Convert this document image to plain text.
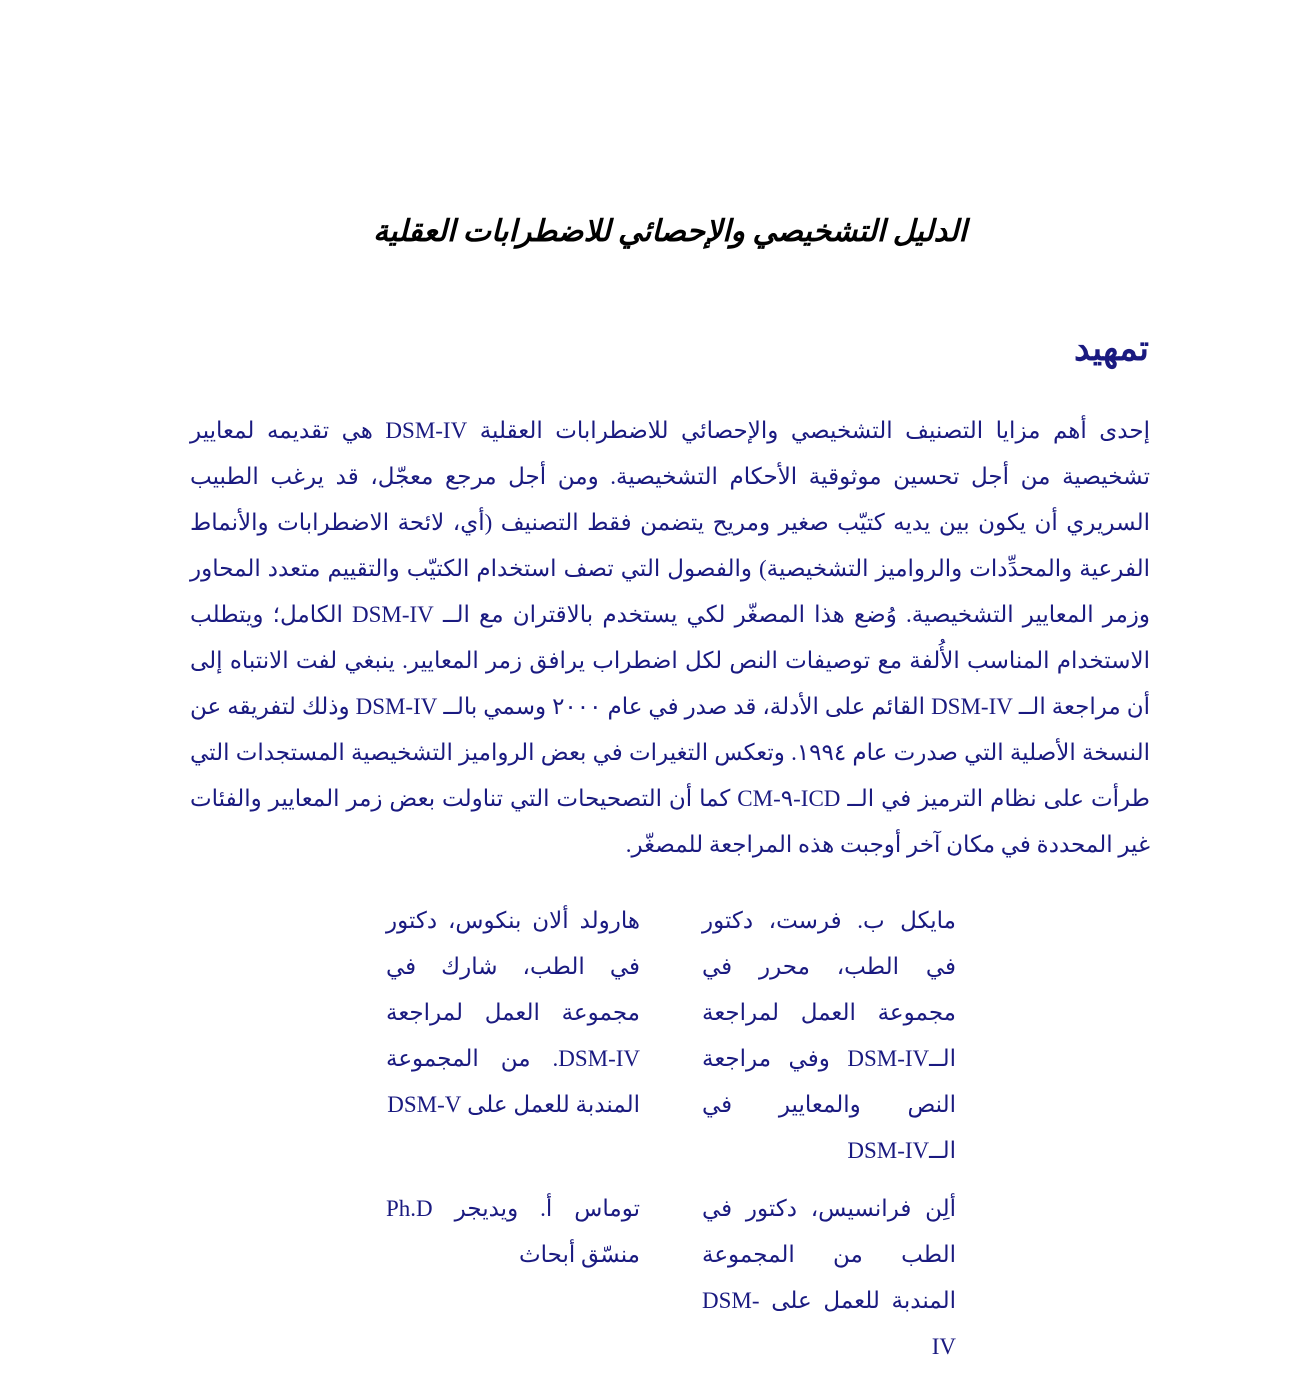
الدليل التشخيصي والإحصائي للاضطرابات العقلية
تمهيد

إحدى أهم مزايا التصنيف التشخيصي والإحصائي للاضطرابات العقلية DSM-IV هي تقديمه لمعايير تشخيصية من أجل تحسين موثوقية الأحكام التشخيصية. ومن أجل مرجع معجّل، قد يرغب الطبيب السريري أن يكون بين يديه كتيّب صغير ومريح يتضمن فقط التصنيف (أي، لائحة الاضطرابات والأنماط الفرعية والمحدِّدات والرواميز التشخيصية) والفصول التي تصف استخدام الكتيّب والتقييم متعدد المحاور وزمر المعايير التشخيصية. وُضع هذا المصغّر لكي يستخدم بالاقتران مع الــ DSM-IV الكامل؛ ويتطلب الاستخدام المناسب الأُلفة مع توصيفات النص لكل اضطراب يرافق زمر المعايير. ينبغي لفت الانتباه إلى أن مراجعة الــ DSM-IV القائم على الأدلة، قد صدر في عام ٢٠٠٠ وسمي بالــ DSM-IV وذلك لتفريقه عن النسخة الأصلية التي صدرت عام ١٩٩٤. وتعكس التغيرات في بعض الرواميز التشخيصية المستجدات التي طرأت على نظام الترميز في الــ ICD-٩-CM كما أن التصحيحات التي تناولت بعض زمر المعايير والفئات غير المحددة في مكان آخر أوجبت هذه المراجعة للمصغّر.

مايكل ب. فرست، دكتور في الطب، محرر في مجموعة العمل لمراجعة الــDSM-IV وفي مراجعة النص والمعايير في الــDSM-IV

هارولد ألان بنكوس، دكتور في الطب، شارك في مجموعة العمل لمراجعة DSM-IV. من المجموعة المندبة للعمل على DSM-V

ألِن فرانسيس، دكتور في الطب من المجموعة المندبة للعمل على DSM-IV

توماس أ. ويديجر Ph.D منسّق أبحاث
